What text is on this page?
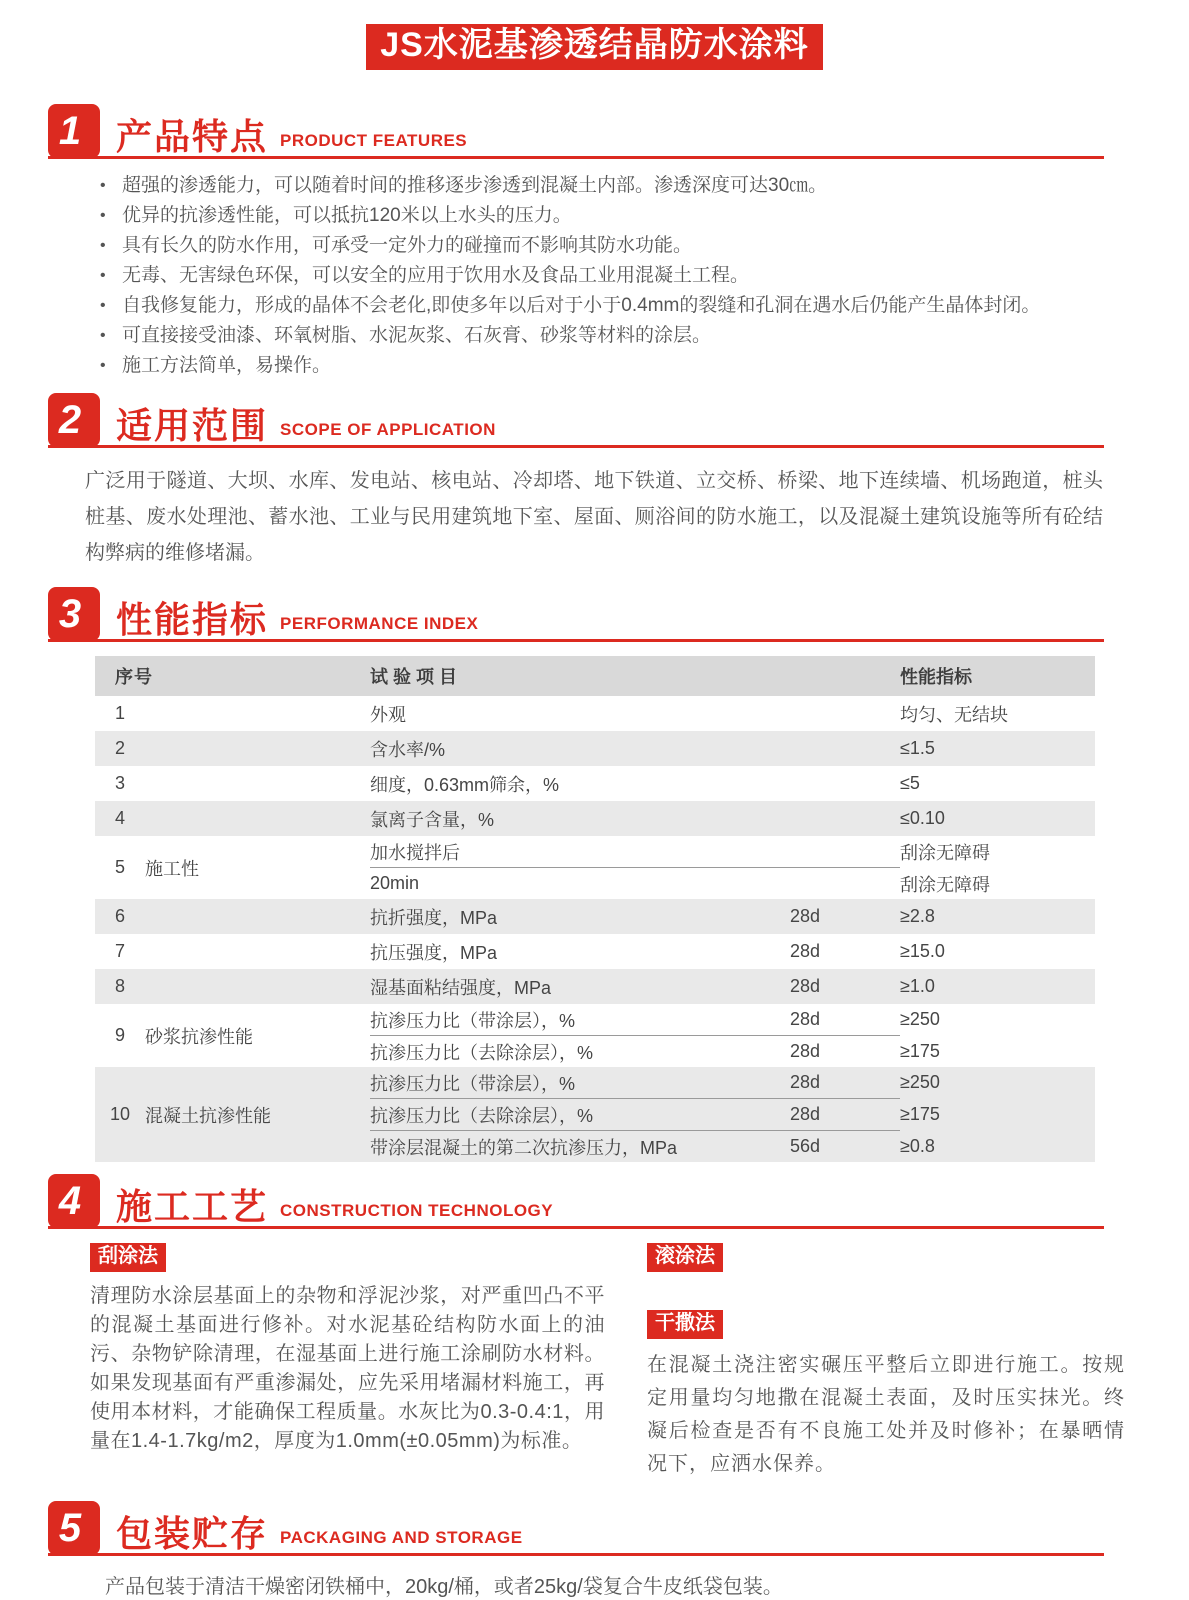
JS水泥基渗透结晶防水涂料
1 产品特点 PRODUCT FEATURES
• 超强的渗透能力，可以随着时间的推移逐步渗透到混凝土内部。渗透深度可达30㎝。
• 优异的抗渗透性能，可以抵抗120米以上水头的压力。
• 具有长久的防水作用，可承受一定外力的碰撞而不影响其防水功能。
• 无毒、无害绿色环保，可以安全的应用于饮用水及食品工业用混凝土工程。
• 自我修复能力，形成的晶体不会老化,即使多年以后对于小于0.4mm的裂缝和孔洞在遇水后仍能产生晶体封闭。
• 可直接接受油漆、环氧树脂、水泥灰浆、石灰膏、砂浆等材料的涂层。
• 施工方法简单，易操作。
2 适用范围 SCOPE OF APPLICATION
广泛用于隧道、大坝、水库、发电站、核电站、冷却塔、地下铁道、立交桥、桥梁、地下连续墙、机场跑道，桩头桩基、废水处理池、蓄水池、工业与民用建筑地下室、屋面、厕浴间的防水施工，以及混凝土建筑设施等所有砼结构弊病的维修堵漏。
3 性能指标 PERFORMANCE INDEX
序号	试 验 项 目	性能指标
1	外观	均匀、无结块
2	含水率/%	≤1.5
3	细度，0.63mm筛余，%	≤5
4	氯离子含量，%	≤0.10
5	施工性
加水搅拌后	刮涂无障碍
20min	刮涂无障碍
6	抗折强度，MPa	28d	≥2.8
7	抗压强度，MPa	28d	≥15.0
8	湿基面粘结强度，MPa	28d	≥1.0
9	砂浆抗渗性能
抗渗压力比（带涂层），%	28d	≥250
抗渗压力比（去除涂层），%	28d	≥175
10 混凝土抗渗性能
抗渗压力比（带涂层），%	28d	≥250
抗渗压力比（去除涂层），%	28d	≥175
带涂层混凝土的第二次抗渗压力，MPa	56d	≥0.8
4 施工工艺 CONSTRUCTION TECHNOLOGY
刮涂法
清理防水涂层基面上的杂物和浮泥沙浆，对严重凹凸不平的混凝土基面进行修补。对水泥基砼结构防水面上的油污、杂物铲除清理，在湿基面上进行施工涂刷防水材料。如果发现基面有严重渗漏处，应先采用堵漏材料施工，再使用本材料，才能确保工程质量。水灰比为0.3-0.4:1，用量在1.4-1.7kg/m2，厚度为1.0mm(±0.05mm)为标准。
滚涂法
干撒法
在混凝土浇注密实碾压平整后立即进行施工。按规定用量均匀地撒在混凝土表面，及时压实抹光。终凝后检查是否有不良施工处并及时修补；在暴晒情况下，应洒水保养。
5 包装贮存 PACKAGING AND STORAGE
产品包装于清洁干燥密闭铁桶中，20kg/桶，或者25kg/袋复合牛皮纸袋包装。
